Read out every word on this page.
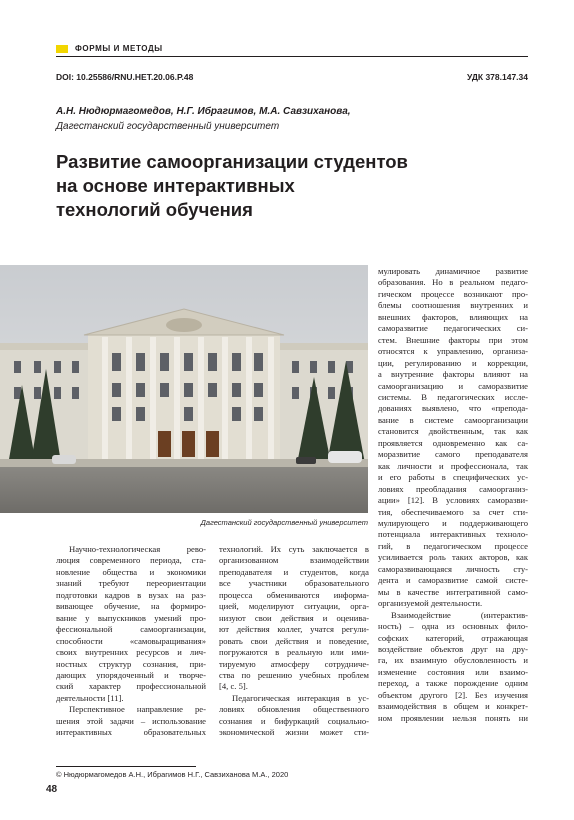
ФОРМЫ И МЕТОДЫ
DOI: 10.25586/RNU.HET.20.06.P.48	УДК 378.147.34
А.Н. Нюдюрмагомедов, Н.Г. Ибрагимов, М.А. Савзиханова,
Дагестанский государственный университет
Развитие самоорганизации студентов
на основе интерактивных
технологий обучения
Дагестанский государственный университет
Научно-технологическая рево-
люция современного периода, ста-
новление общества и экономики
знаний требуют переориентации
подготовки кадров в вузах на раз-
вивающее обучение, на формиро-
вание у выпускников умений про-
фессиональной самоорганизации,
способности «самовыращивания»
своих внутренних ресурсов и лич-
ностных структур сознания, при-
дающих упорядоченный и творче-
ский характер профессиональной
деятельности [11].
Перспективное направление ре-
шения этой задачи – использование
интерактивных образовательных
технологий. Их суть заключается в
организованном взаимодействии
преподавателя и студентов, когда
все участники образовательного
процесса обмениваются информа-
цией, моделируют ситуации, орга-
низуют свои действия и оценива-
ют действия коллег, учатся регули-
ровать свои действия и поведение,
погружаются в реальную или ими-
тируемую атмосферу сотрудниче-
ства по решению учебных проблем
[4, с. 5].
Педагогическая интеракция в ус-
ловиях обновления общественного
сознания и бифуркаций социально-
экономической жизни может сти-
мулировать динамичное развитие
образования. Но в реальном педаго-
гическом процессе возникают про-
блемы соотношения внутренних и
внешних факторов, влияющих на
саморазвитие педагогических си-
стем. Внешние факторы при этом
относятся к управлению, организа-
ции, регулированию и коррекции,
а внутренние факторы влияют на
самоорганизацию и саморазвитие
системы. В педагогических иссле-
дованиях выявлено, что «препода-
вание в системе самоорганизации
становится двойственным, так как
проявляется одновременно как са-
моразвитие самого преподавателя
как личности и профессионала, так
и его работы в специфических ус-
ловиях преобладания самоорганиз-
ации» [12]. В условиях саморазви-
тия, обеспечиваемого за счет сти-
мулирующего и поддерживающего
потенциала интерактивных техноло-
гий, в педагогическом процессе
усиливается роль таких акторов, как
саморазвивающаяся личность сту-
дента и саморазвитие самой систе-
мы в качестве интегративной само-
организуемой деятельности.
Взаимодействие (интерактив-
ность) – одна из основных фило-
софских категорий, отражающая
воздействие объектов друг на дру-
га, их взаимную обусловленность и
изменение состояния или взаимо-
переход, а также порождение одним
объектом другого [2]. Без изучения
взаимодействия в общем и конкрет-
ном проявлении нельзя понять ни
© Нюдюрмагомедов А.Н., Ибрагимов Н.Г., Савзиханова М.А., 2020
48
